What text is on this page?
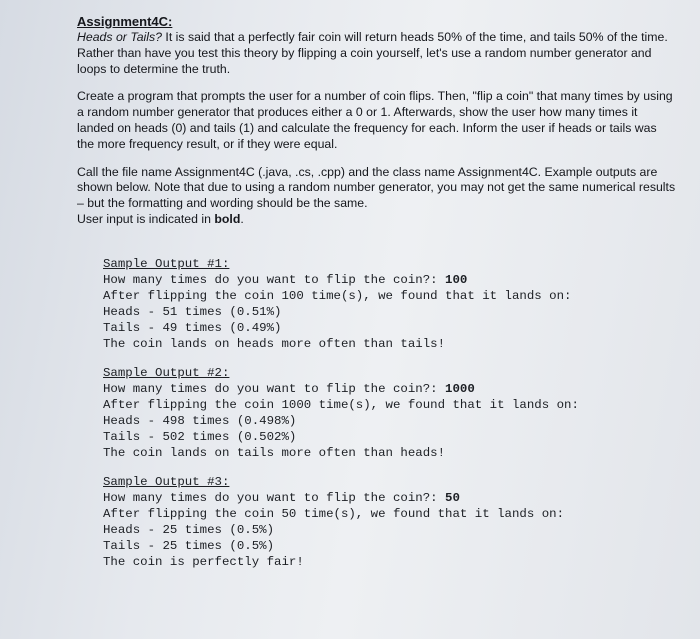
Assignment4C:

Heads or Tails? It is said that a perfectly fair coin will return heads 50% of the time, and tails 50% of the time. Rather than have you test this theory by flipping a coin yourself, let's use a random number generator and loops to determine the truth.

Create a program that prompts the user for a number of coin flips. Then, "flip a coin" that many times by using a random number generator that produces either a 0 or 1. Afterwards, show the user how many times it landed on heads (0) and tails (1) and calculate the frequency for each. Inform the user if heads or tails was the more frequency result, or if they were equal.

Call the file name Assignment4C (.java, .cs, .cpp) and the class name Assignment4C. Example outputs are shown below. Note that due to using a random number generator, you may not get the same numerical results – but the formatting and wording should be the same.
User input is indicated in bold.

Sample Output #1:
How many times do you want to flip the coin?: 100
After flipping the coin 100 time(s), we found that it lands on:
Heads - 51 times (0.51%)
Tails - 49 times (0.49%)
The coin lands on heads more often than tails!
Sample Output #2:
How many times do you want to flip the coin?: 1000
After flipping the coin 1000 time(s), we found that it lands on:
Heads - 498 times (0.498%)
Tails - 502 times (0.502%)
The coin lands on tails more often than heads!
Sample Output #3:
How many times do you want to flip the coin?: 50
After flipping the coin 50 time(s), we found that it lands on:
Heads - 25 times (0.5%)
Tails - 25 times (0.5%)
The coin is perfectly fair!
